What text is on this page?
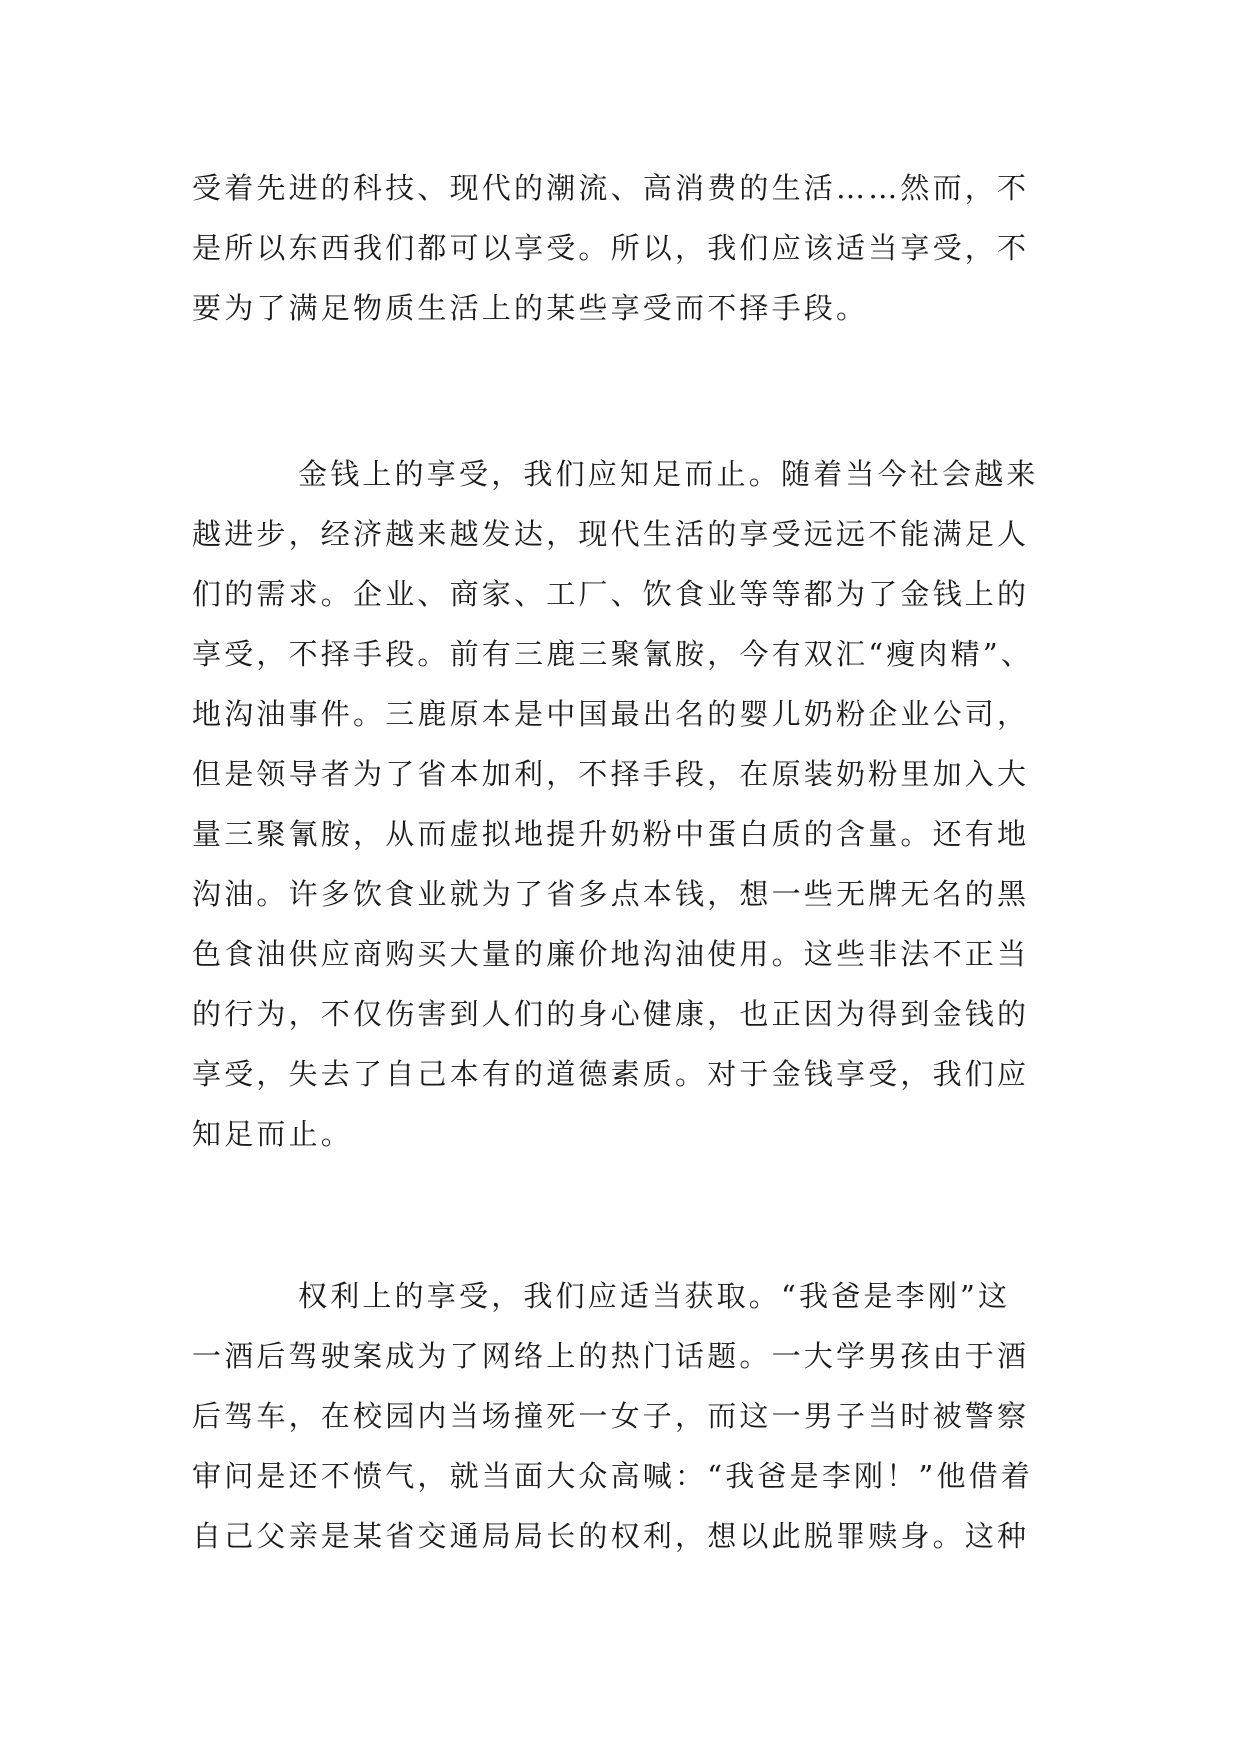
受着先进的科技、现代的潮流、高消费的生活……然而，不
是所以东西我们都可以享受。所以，我们应该适当享受，不
要为了满足物质生活上的某些享受而不择手段。
金钱上的享受，我们应知足而止。随着当今社会越来
越进步，经济越来越发达，现代生活的享受远远不能满足人
们的需求。企业、商家、工厂、饮食业等等都为了金钱上的
享受，不择手段。前有三鹿三聚氰胺，今有双汇“瘦肉精”、
地沟油事件。三鹿原本是中国最出名的婴儿奶粉企业公司，
但是领导者为了省本加利，不择手段，在原装奶粉里加入大
量三聚氰胺，从而虚拟地提升奶粉中蛋白质的含量。还有地
沟油。许多饮食业就为了省多点本钱，想一些无牌无名的黑
色食油供应商购买大量的廉价地沟油使用。这些非法不正当
的行为，不仅伤害到人们的身心健康，也正因为得到金钱的
享受，失去了自己本有的道德素质。对于金钱享受，我们应
知足而止。
权利上的享受，我们应适当获取。“我爸是李刚”这
一酒后驾驶案成为了网络上的热门话题。一大学男孩由于酒
后驾车，在校园内当场撞死一女子，而这一男子当时被警察
审问是还不愤气，就当面大众高喊：“我爸是李刚！”他借着
自己父亲是某省交通局局长的权利，想以此脱罪赎身。这种
